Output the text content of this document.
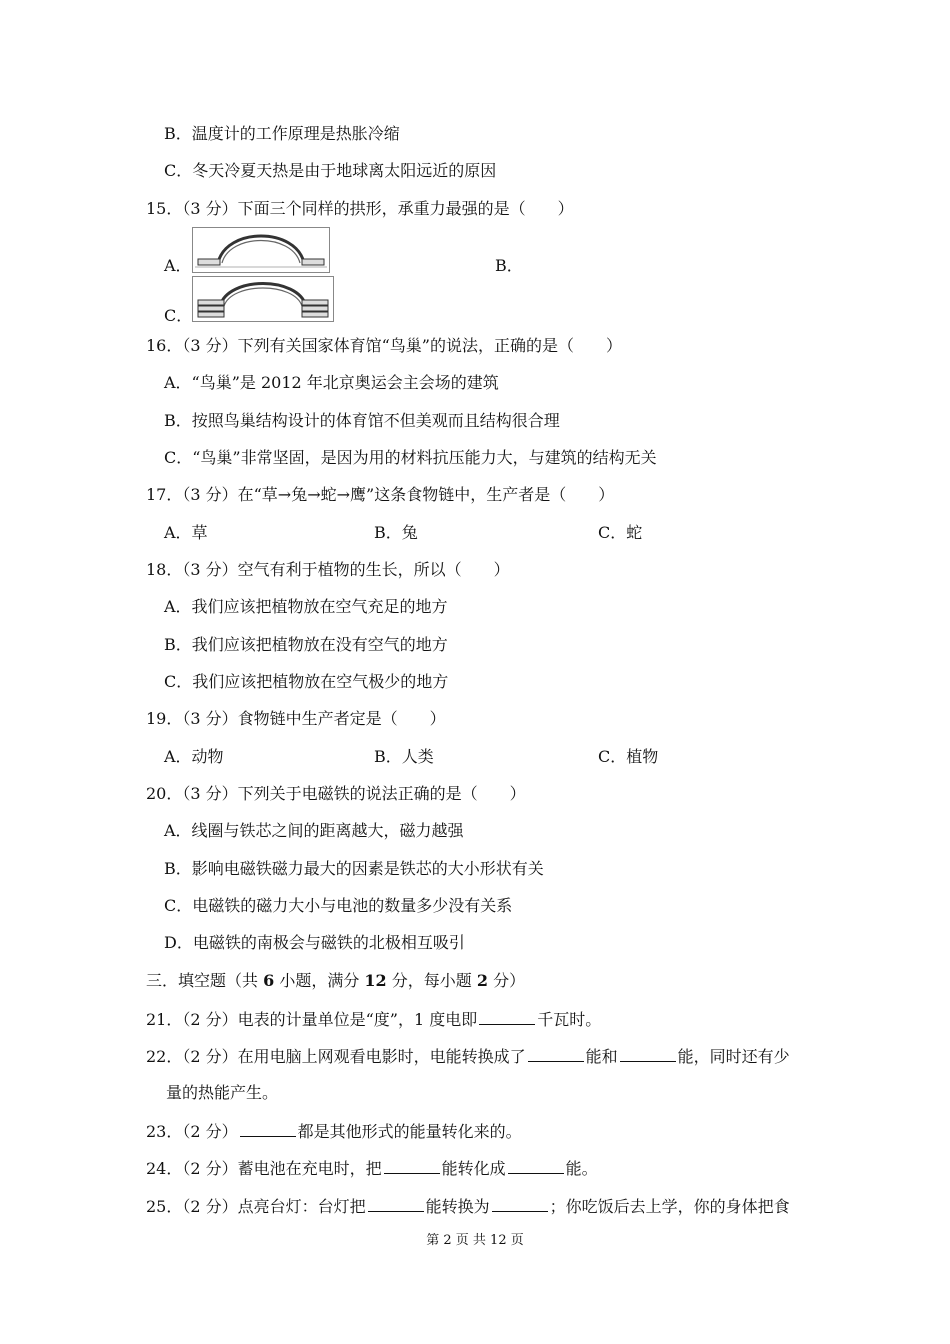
B．温度计的工作原理是热胀冷缩
C．冬天冷夏天热是由于地球离太阳远近的原因
15．（3 分）下面三个同样的拱形，承重力最强的是（　　）
A．	B．
C．
16．（3 分）下列有关国家体育馆“鸟巢”的说法，正确的是（　　）
A．“鸟巢”是 2012 年北京奥运会主会场的建筑
B．按照鸟巢结构设计的体育馆不但美观而且结构很合理
C．“鸟巢”非常坚固，是因为用的材料抗压能力大，与建筑的结构无关
17．（3 分）在“草→兔→蛇→鹰”这条食物链中，生产者是（　　）
A．草	B．兔	C．蛇
18．（3 分）空气有利于植物的生长，所以（　　）
A．我们应该把植物放在空气充足的地方
B．我们应该把植物放在没有空气的地方
C．我们应该把植物放在空气极少的地方
19．（3 分）食物链中生产者定是（　　）
A．动物	B．人类	C．植物
20．（3 分）下列关于电磁铁的说法正确的是（　　）
A．线圈与铁芯之间的距离越大，磁力越强
B．影响电磁铁磁力最大的因素是铁芯的大小形状有关
C．电磁铁的磁力大小与电池的数量多少没有关系
D．电磁铁的南极会与磁铁的北极相互吸引
三．填空题（共 6 小题，满分 12 分，每小题 2 分）
21．（2 分）电表的计量单位是“度”，1 度电即	千瓦时。
22．（2 分）在用电脑上网观看电影时，电能转换成了	能和	能，同时还有少
量的热能产生。
23．（2 分）	都是其他形式的能量转化来的。
24．（2 分）蓄电池在充电时，把	能转化成	能。
25．（2 分）点亮台灯：台灯把	能转换为	；你吃饭后去上学，你的身体把食
第 2 页 共 12 页
